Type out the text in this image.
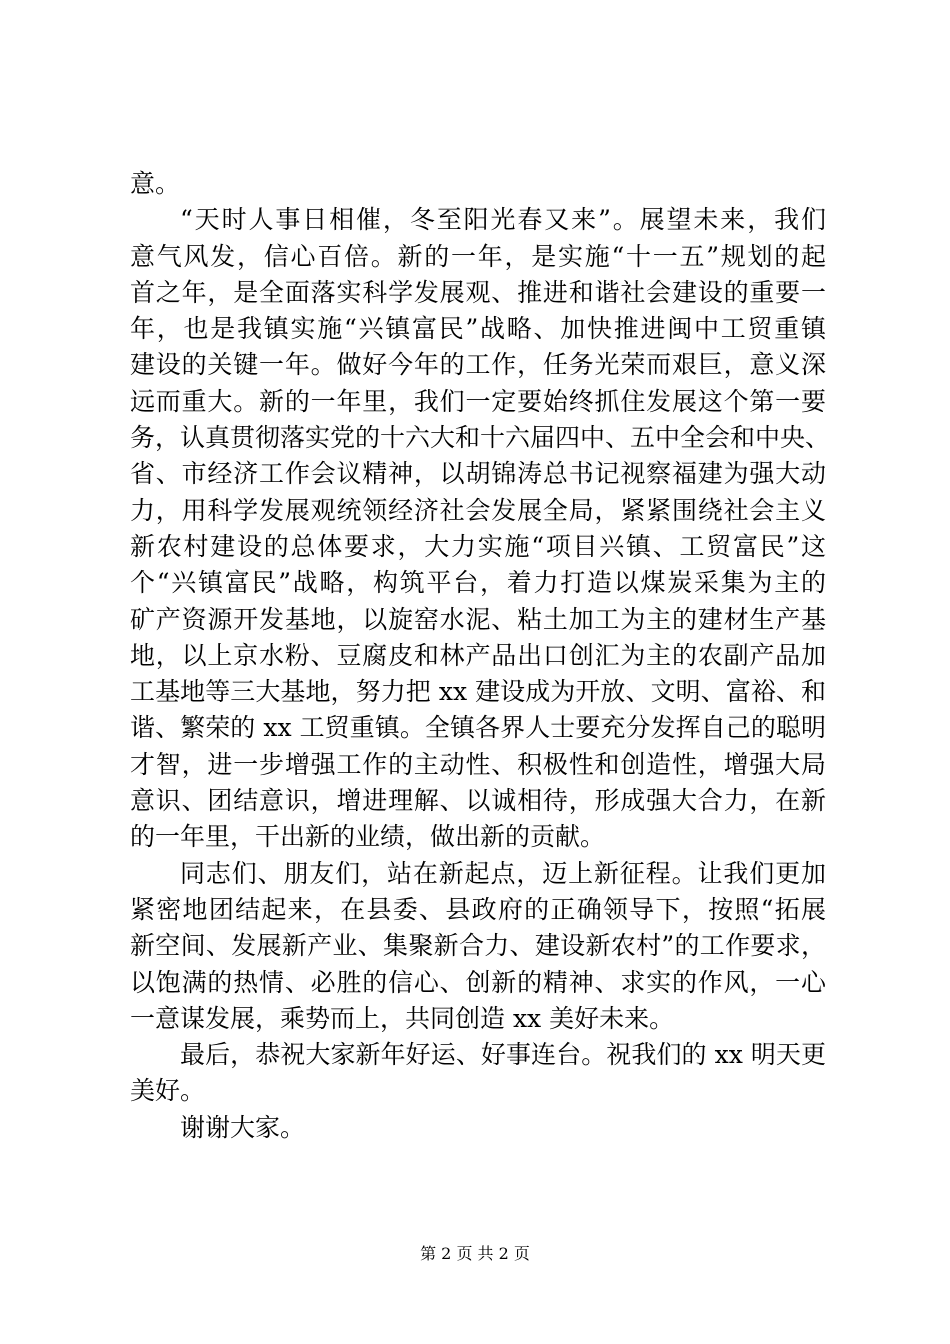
意。
“天时人事日相催，冬至阳光春又来”。展望未来，我们
意气风发，信心百倍。新的一年，是实施“十一五”规划的起
首之年，是全面落实科学发展观、推进和谐社会建设的重要一
年，也是我镇实施“兴镇富民”战略、加快推进闽中工贸重镇
建设的关键一年。做好今年的工作，任务光荣而艰巨，意义深
远而重大。新的一年里，我们一定要始终抓住发展这个第一要
务，认真贯彻落实党的十六大和十六届四中、五中全会和中央、
省、市经济工作会议精神，以胡锦涛总书记视察福建为强大动
力，用科学发展观统领经济社会发展全局，紧紧围绕社会主义
新农村建设的总体要求，大力实施“项目兴镇、工贸富民”这
个“兴镇富民”战略，构筑平台，着力打造以煤炭采集为主的
矿产资源开发基地，以旋窑水泥、粘土加工为主的建材生产基
地，以上京水粉、豆腐皮和林产品出口创汇为主的农副产品加
工基地等三大基地，努力把 xx 建设成为开放、文明、富裕、和
谐、繁荣的 xx 工贸重镇。全镇各界人士要充分发挥自己的聪明
才智，进一步增强工作的主动性、积极性和创造性，增强大局
意识、团结意识，增进理解、以诚相待，形成强大合力，在新
的一年里，干出新的业绩，做出新的贡献。
同志们、朋友们，站在新起点，迈上新征程。让我们更加
紧密地团结起来，在县委、县政府的正确领导下，按照“拓展
新空间、发展新产业、集聚新合力、建设新农村”的工作要求，
以饱满的热情、必胜的信心、创新的精神、求实的作风，一心
一意谋发展，乘势而上，共同创造 xx 美好未来。
最后，恭祝大家新年好运、好事连台。祝我们的 xx 明天更
美好。
谢谢大家。
第 2 页 共 2 页
